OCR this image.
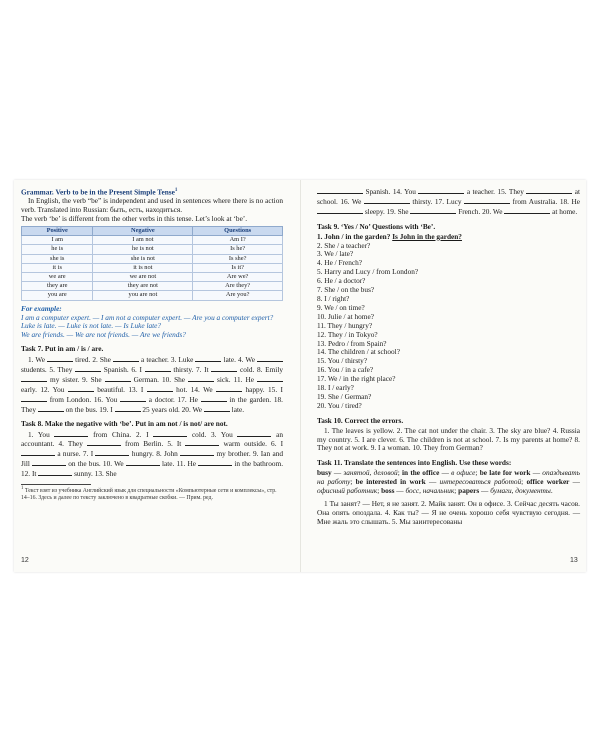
Grammar. Verb to be in the Present Simple Tense$^1$

In English, the verb “be” is independent and used in sentences where there is no action verb. Translated into Russian: быть, есть, находиться.

The verb ‘be’ is different from the other verbs in this tense. Let’s look at ‘be’.

Positive	Negative	Questions
I am	I am not	Am I?
he is	he is not	Is he?
she is	she is not	Is she?
it is	it is not	Is it?
we are	we are not	Are we?
they are	they are not	Are they?
you are	you are not	Are you?

For example:

I am a computer expert. — I am not a computer expert. — Are you a computer expert?

Luke is late. — Luke is not late. — Is Luke late?

We are friends. — We are not friends. — Are we friends?

Task 7. Put in am / is / are.

1. We	tired. 2. She	a teacher. 3. Luke	late. 4. We  students. 5. They	Spanish. 6. I	thirsty. 7. It	cold. 8. Emily  my sister. 9. She	German. 10. She	sick. 11. He  early. 12. You	beautiful. 13. I	hot. 14. We	happy. 15. I  from London. 16. You	a doctor. 17. He	in the garden. 18. They	on the bus. 19. I	25 years old. 20. We	late.

Task 8. Make the negative with ‘be’. Put in am not / is not/ are not.

1. You	from China. 2. I	cold. 3. You	an accountant. 4. They	from Berlin. 5. It	warm outside. 6. I  a nurse. 7. I	hungry. 8. John	my brother. 9. Ian and Jill	on the bus. 10. We	late. 11. He	in the bathroom. 12. It	sunny. 13. She

$^1$ Текст взят из учебника Английский язык для специальности «Компьютерные сети и комплексы», стр. 14–16. Здесь и далее по тексту заключено в квадратные скобки. — Прим. ред.

12

Spanish. 14. You	a teacher. 15. They	at school. 16. We	thirsty. 17. Lucy	from Australia. 18. He  sleepy. 19. She	French. 20. We	at home.

Task 9. ‘Yes / No’ Questions with ‘Be’.

1. John / in the garden? Is John in the garden?
2. She / a teacher?
3. We / late?
4. He / French?
5. Harry and Lucy / from London?
6. He / a doctor?
7. She / on the bus?
8. I / right?
9. We / on time?
10. Julie / at home?
11. They / hungry?
12. They / in Tokyo?
13. Pedro / from Spain?
14. The children / at school?
15. You / thirsty?
16. You / in a cafe?
17. We / in the right place?
18. I / early?
19. She / German?
20. You / tired?

Task 10. Correct the errors.

1. The leaves is yellow. 2. The cat not under the chair. 3. The sky are blue? 4. Russia my country. 5. I are clever. 6. The children is not at school. 7. Is my parents at home? 8. They not at work. 9. I a woman. 10. They from German?

Task 11. Translate the sentences into English. Use these words:

busy — занятой, деловой; in the office — в офисе; be late for work — опаздывать на работу; be interested in work — интересоваться работой; office worker — офисный работник; boss — босс, начальник; papers — бумаги, документы.

1 Ты занят? — Нет, я не занят. 2. Майк занят. Он в офисе. 3. Сейчас десять часов. Она опять опоздала. 4. Как ты? — Я не очень хорошо себя чувствую сегодня. — Мне жаль это слышать. 5. Мы заинтересованы

13
